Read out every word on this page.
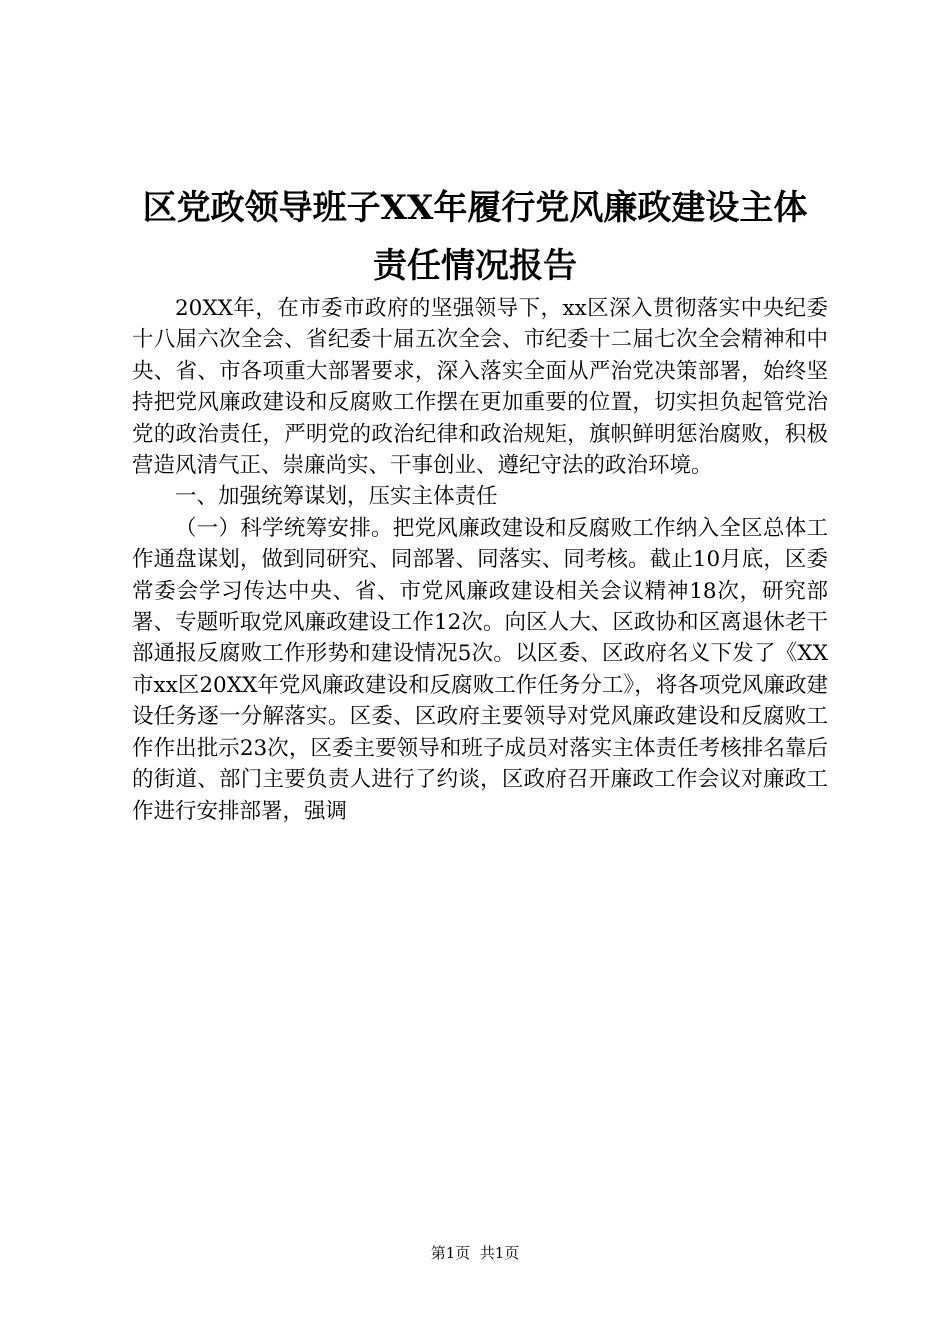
区党政领导班子XX年履行党风廉政建设主体
责任情况报告

20XX年，在市委市政府的坚强领导下，xx区深入贯彻落实中央纪委十八届六次全会、省纪委十届五次全会、市纪委十二届七次全会精神和中央、省、市各项重大部署要求，深入落实全面从严治党决策部署，始终坚持把党风廉政建设和反腐败工作摆在更加重要的位置，切实担负起管党治党的政治责任，严明党的政治纪律和政治规矩，旗帜鲜明惩治腐败，积极营造风清气正、崇廉尚实、干事创业、遵纪守法的政治环境。

一、加强统筹谋划，压实主体责任

（一）科学统筹安排。把党风廉政建设和反腐败工作纳入全区总体工作通盘谋划，做到同研究、同部署、同落实、同考核。截止10月底，区委常委会学习传达中央、省、市党风廉政建设相关会议精神18次，研究部署、专题听取党风廉政建设工作12次。向区人大、区政协和区离退休老干部通报反腐败工作形势和建设情况5次。以区委、区政府名义下发了《XX市xx区20XX年党风廉政建设和反腐败工作任务分工》，将各项党风廉政建设任务逐一分解落实。区委、区政府主要领导对党风廉政建设和反腐败工作作出批示23次，区委主要领导和班子成员对落实主体责任考核排名靠后的街道、部门主要负责人进行了约谈，区政府召开廉政工作会议对廉政工作进行安排部署，强调

第1页  共1页
